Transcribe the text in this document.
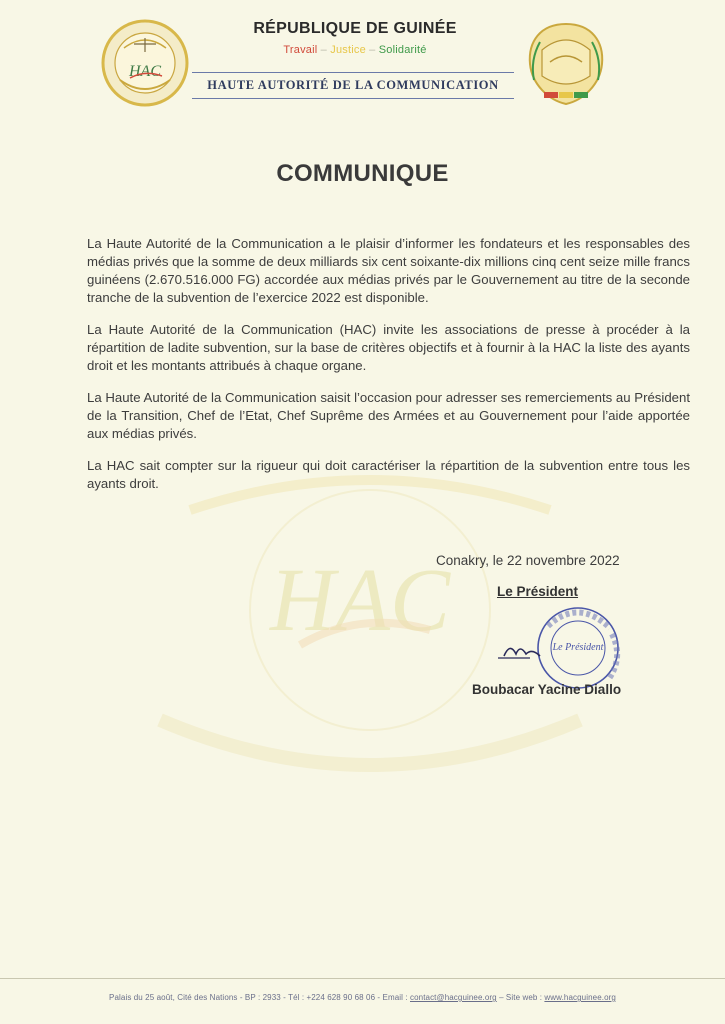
HAC
RÉPUBLIQUE DE GUINÉE
Travail – Justice – Solidarité
HAUTE AUTORITÉ DE LA COMMUNICATION
HAC
COMMUNIQUE

La Haute Autorité de la Communication a le plaisir d’informer les fondateurs et les responsables des médias privés que la somme de deux milliards six cent soixante-dix millions cinq cent seize mille francs guinéens (2.670.516.000 FG) accordée aux médias privés par le Gouvernement au titre de la seconde tranche de la subvention de l’exercice 2022 est disponible.

La Haute Autorité de la Communication (HAC) invite les associations de presse à procéder à la répartition de ladite subvention, sur la base de critères objectifs et à fournir à la HAC la liste des ayants droit et les montants attribués à chaque organe.

La Haute Autorité de la Communication saisit l’occasion pour adresser ses remerciements au Président de la Transition, Chef de l’Etat, Chef Suprême des Armées et au Gouvernement pour l’aide apportée aux médias privés.

La HAC sait compter sur la rigueur qui doit caractériser la répartition de la subvention entre tous les ayants droit.

Conakry, le 22 novembre 2022
Le Président
Le Président
Boubacar Yacine Diallo
Palais du 25 août, Cité des Nations - BP : 2933 - Tél : +224 628 90 68 06 - Email : contact@hacguinee.org – Site web : www.hacguinee.org
